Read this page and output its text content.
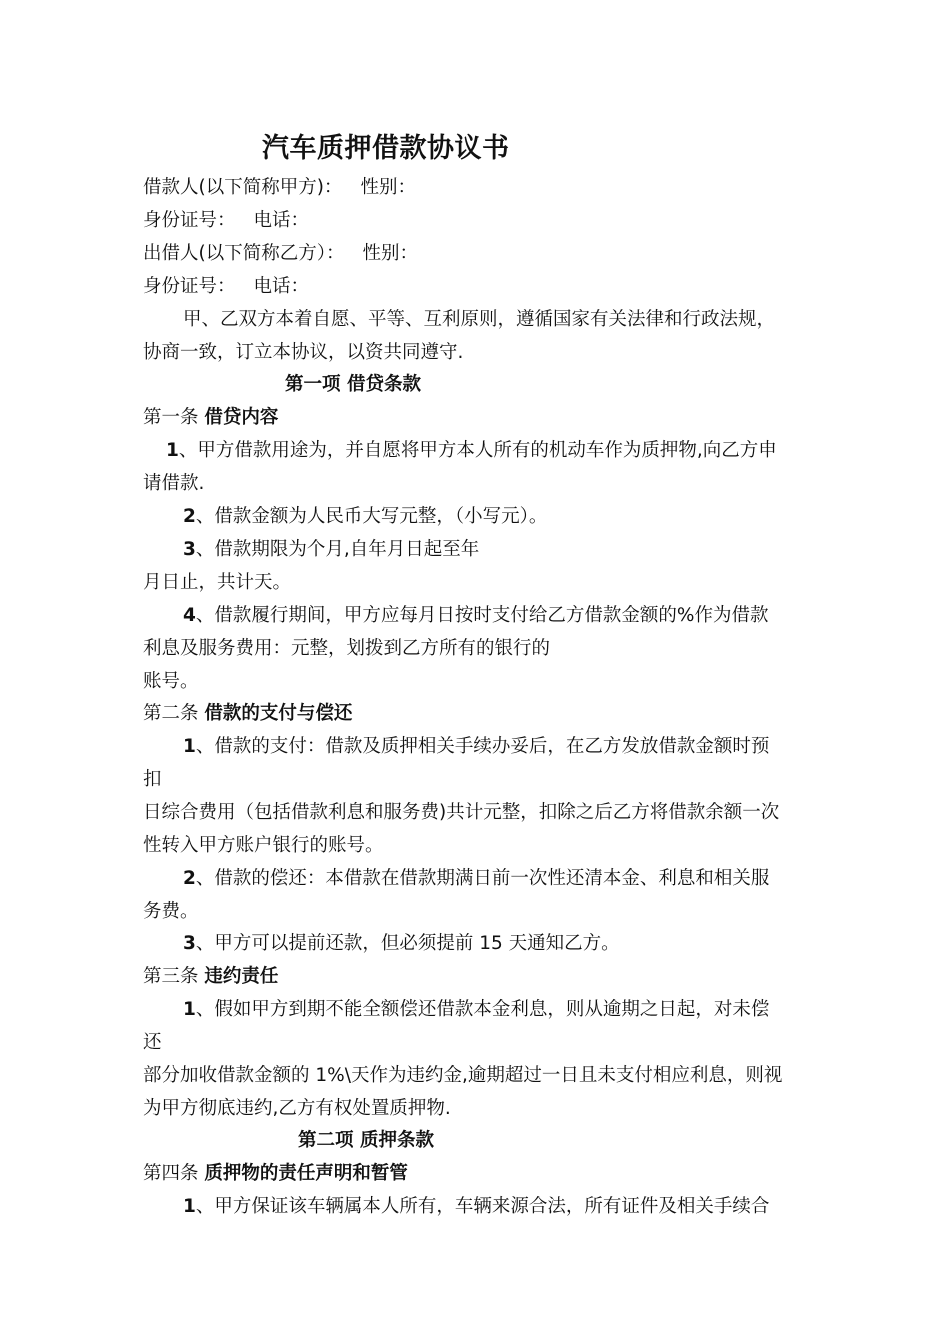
汽车质押借款协议书
借款人(以下简称甲方)： 性别：
身份证号： 电话：
出借人(以下简称乙方）： 性别：
身份证号： 电话：
甲、乙双方本着自愿、平等、互利原则，遵循国家有关法律和行政法规，
协商一致，订立本协议，以资共同遵守.
第一项 借贷条款
第一条 借贷内容
1、甲方借款用途为，并自愿将甲方本人所有的机动车作为质押物,向乙方申
请借款.
2、借款金额为人民币大写元整，（小写元）。
3、借款期限为个月,自年月日起至年
月日止，共计天。
4、借款履行期间，甲方应每月日按时支付给乙方借款金额的%作为借款
利息及服务费用：元整，划拨到乙方所有的银行的
账号。
第二条 借款的支付与偿还
1、借款的支付：借款及质押相关手续办妥后，在乙方发放借款金额时预
扣
日综合费用（包括借款利息和服务费)共计元整，扣除之后乙方将借款余额一次
性转入甲方账户银行的账号。
2、借款的偿还：本借款在借款期满日前一次性还清本金、利息和相关服
务费。
3、甲方可以提前还款，但必须提前 15 天通知乙方。
第三条 违约责任
1、假如甲方到期不能全额偿还借款本金利息，则从逾期之日起，对未偿
还
部分加收借款金额的 1%\天作为违约金,逾期超过一日且未支付相应利息，则视
为甲方彻底违约,乙方有权处置质押物.
第二项 质押条款
第四条 质押物的责任声明和暂管
1、甲方保证该车辆属本人所有，车辆来源合法，所有证件及相关手续合
